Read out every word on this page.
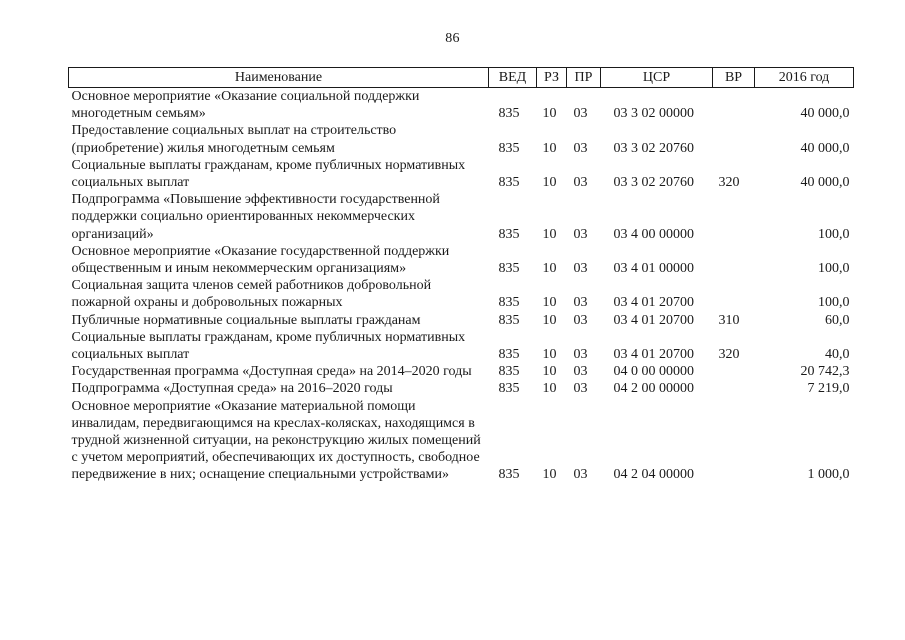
86
Наименование	ВЕД	РЗ	ПР	ЦСР	ВР	2016 год
Основное мероприятие «Оказание социальной поддержки многодетным семьям»	835	10	03	03 3 02 00000		40 000,0
Предоставление социальных выплат на строительство (приобретение) жилья многодетным семьям	835	10	03	03 3 02 20760		40 000,0
Социальные выплаты гражданам, кроме публичных нормативных социальных выплат	835	10	03	03 3 02 20760	320	40 000,0
Подпрограмма «Повышение эффективности государственной поддержки социально ориентированных некоммерческих организаций»	835	10	03	03 4 00 00000		100,0
Основное мероприятие «Оказание государственной поддержки общественным и иным некоммерческим организациям»	835	10	03	03 4 01 00000		100,0
Социальная защита членов семей работников добровольной пожарной охраны и добровольных пожарных	835	10	03	03 4 01 20700		100,0
Публичные нормативные социальные выплаты гражданам	835	10	03	03 4 01 20700	310	60,0
Социальные выплаты гражданам, кроме публичных нормативных социальных выплат	835	10	03	03 4 01 20700	320	40,0
Государственная программа «Доступная среда» на 2014–2020 годы	835	10	03	04 0 00 00000		20 742,3
Подпрограмма «Доступная среда» на 2016–2020 годы	835	10	03	04 2 00 00000		7 219,0
Основное мероприятие «Оказание материальной помощи инвалидам, передвигающимся на креслах-колясках, находящимся в трудной жизненной ситуации, на реконструкцию жилых помещений с учетом мероприятий, обеспечивающих их доступность, свободное передвижение в них; оснащение специальными устройствами»	835	10	03	04 2 04 00000		1 000,0
